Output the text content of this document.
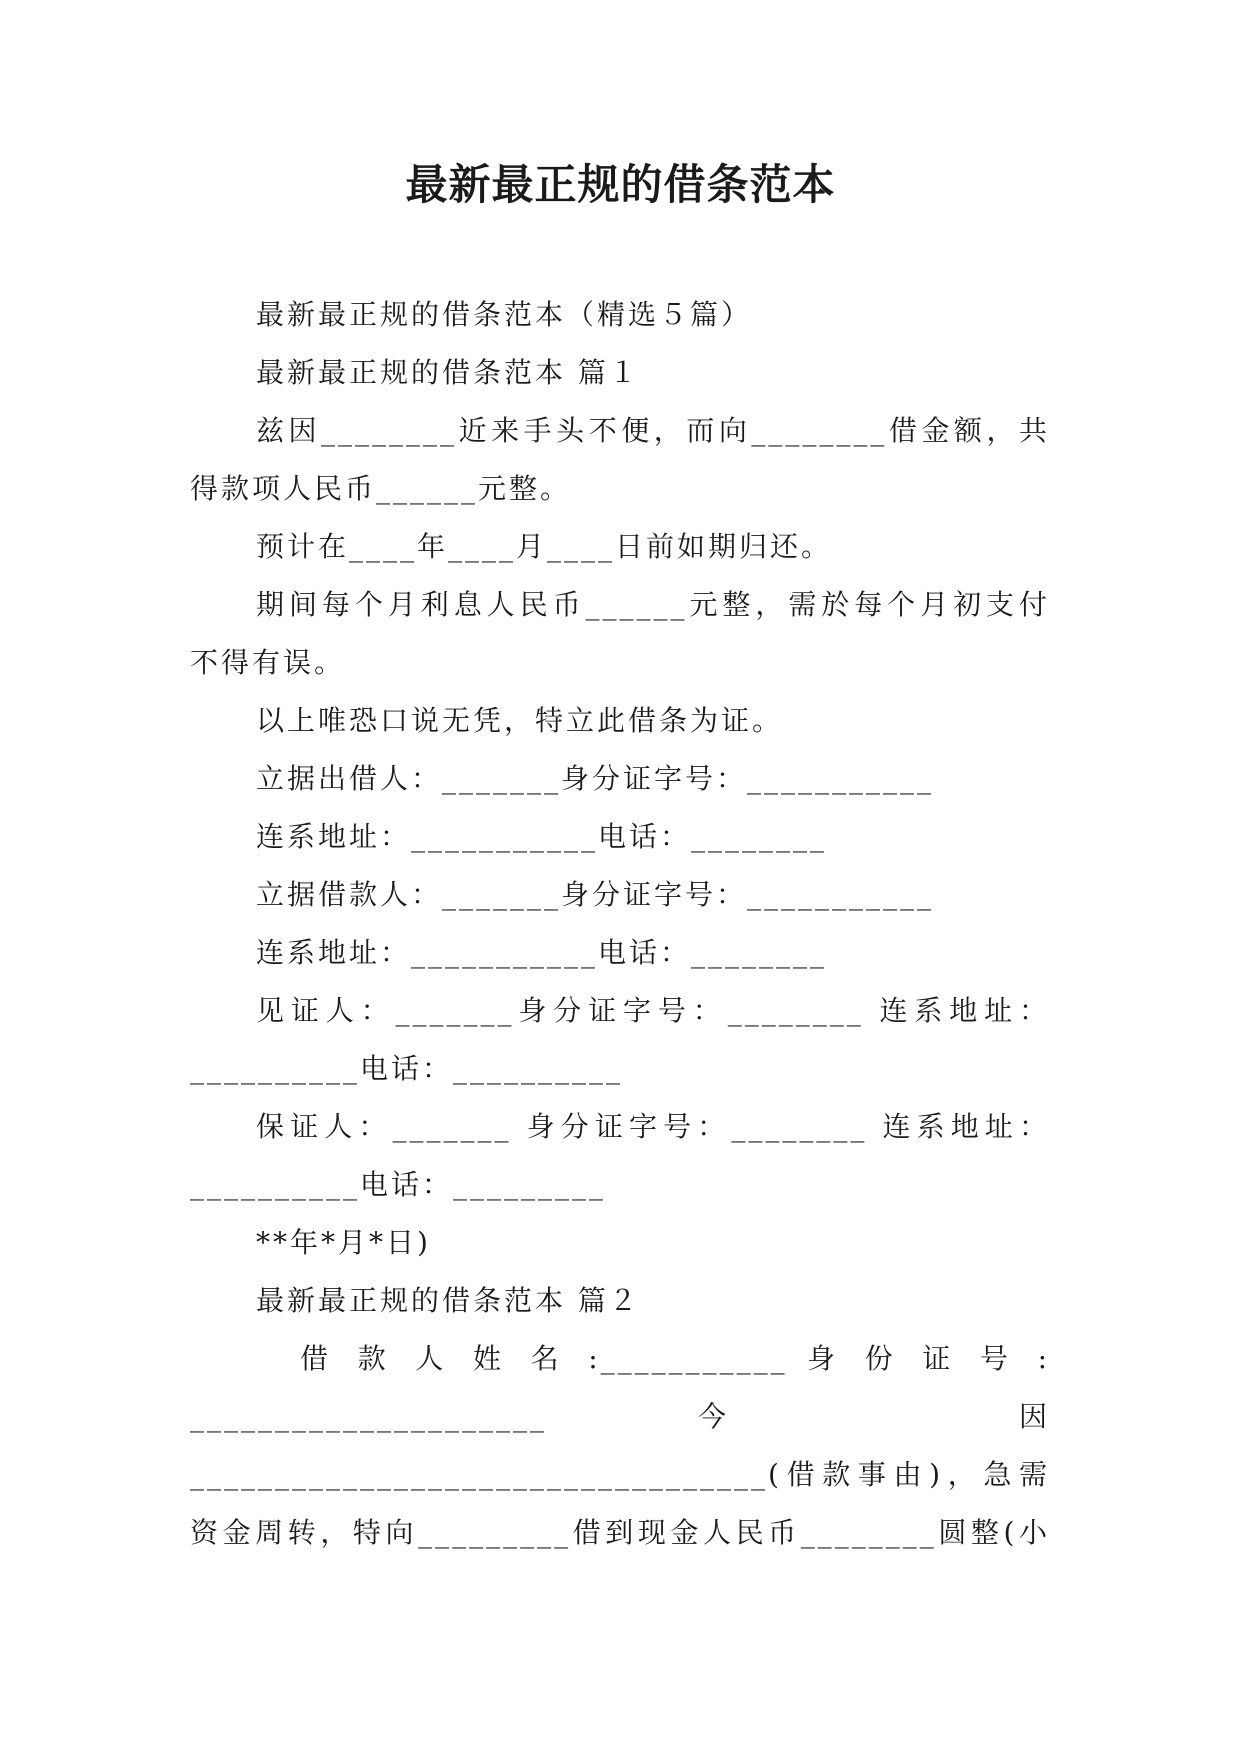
最新最正规的借条范本

最新最正规的借条范本（精选５篇）

最新最正规的借条范本 篇１

兹因________近来手头不便，而向________借金额，共

得款项人民币______元整。

预计在____年____月____日前如期归还。

期间每个月利息人民币______元整，需於每个月初支付

不得有误。

以上唯恐口说无凭，特立此借条为证。

立据出借人：_______身分证字号：___________

连系地址：___________电话：________

立据借款人：_______身分证字号：___________

连系地址：___________电话：________

见证人：_______身分证字号：________ 连系地址：

__________电话：__________

保证人：_______ 身分证字号：________ 连系地址：

__________电话：_________

**年*月*日)

最新最正规的借条范本 篇２

借 款 人 姓 名 :___________ 身 份 证 号 :

_____________________ 今 因

__________________________________(借款事由)，急需

资金周转，特向_________借到现金人民币________圆整(小
